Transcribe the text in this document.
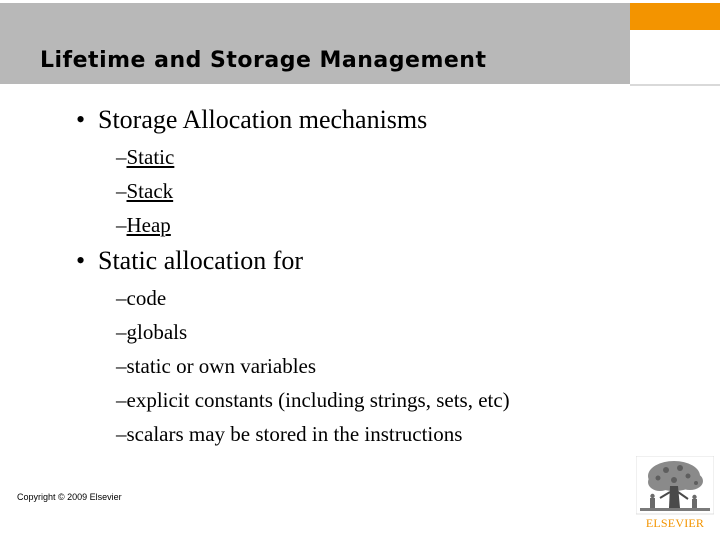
Lifetime and Storage Management
• Storage Allocation mechanisms
–Static
–Stack
–Heap
• Static allocation for
–code
–globals
–static or own variables
–explicit constants (including strings, sets, etc)
–scalars may be stored in the instructions
Copyright © 2009 Elsevier
ELSEVIER
